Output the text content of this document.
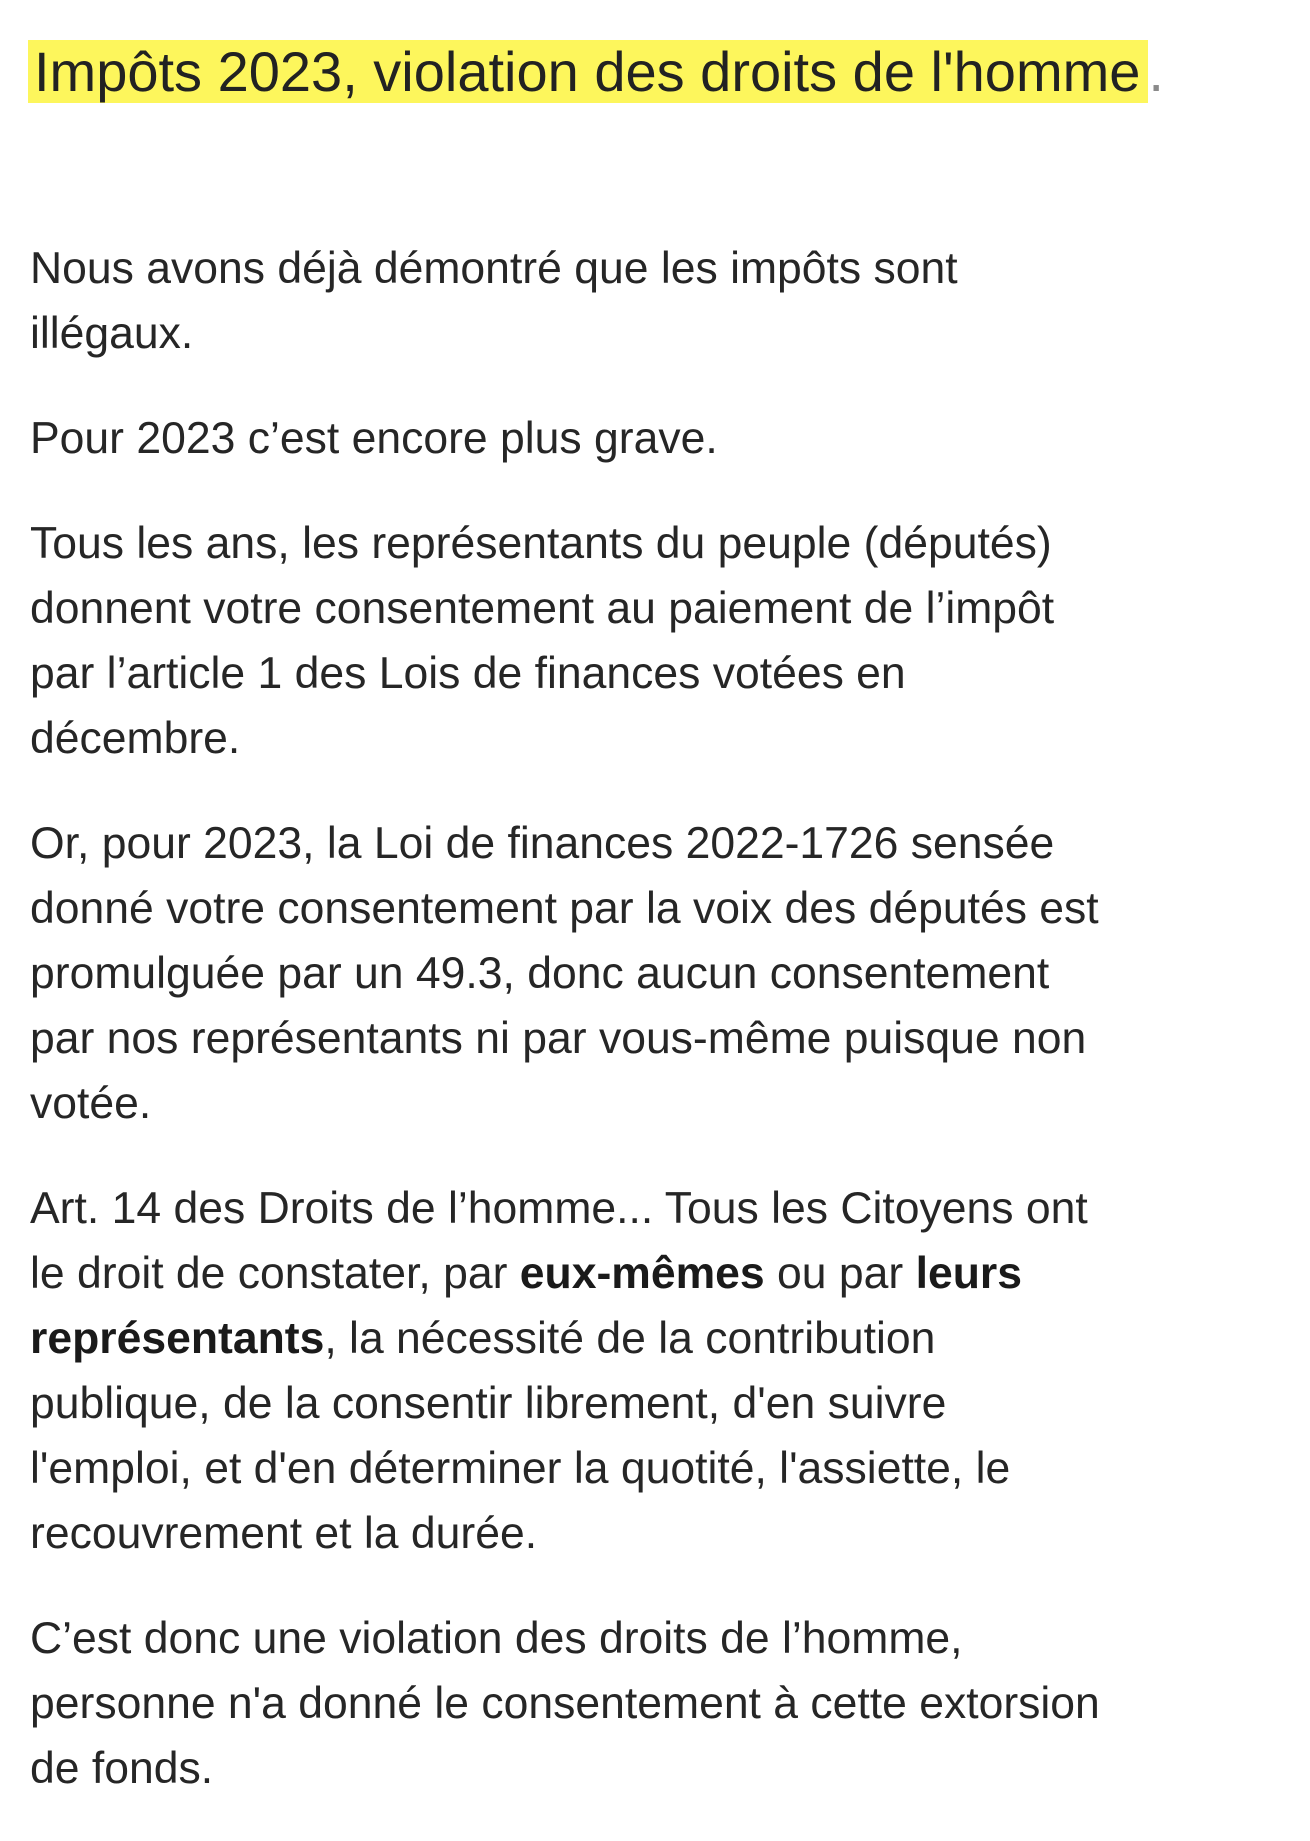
Impôts 2023, violation des droits de l'homme .

Nous avons déjà démontré que les impôts sont
illégaux.

Pour 2023 c’est encore plus grave.

Tous les ans, les représentants du peuple (députés)
donnent votre consentement au paiement de l’impôt
par l’article 1 des Lois de finances votées en
décembre.

Or, pour 2023, la Loi de finances 2022-1726 sensée
donné votre consentement par la voix des députés est
promulguée par un 49.3, donc aucun consentement
par nos représentants ni par vous-même puisque non
votée.

Art. 14 des Droits de l’homme... Tous les Citoyens ont
le droit de constater, par eux-mêmes ou par leurs
représentants, la nécessité de la contribution
publique, de la consentir librement, d'en suivre
l'emploi, et d'en déterminer la quotité, l'assiette, le
recouvrement et la durée.

C’est donc une violation des droits de l’homme,
personne n'a donné le consentement à cette extorsion
de fonds.
